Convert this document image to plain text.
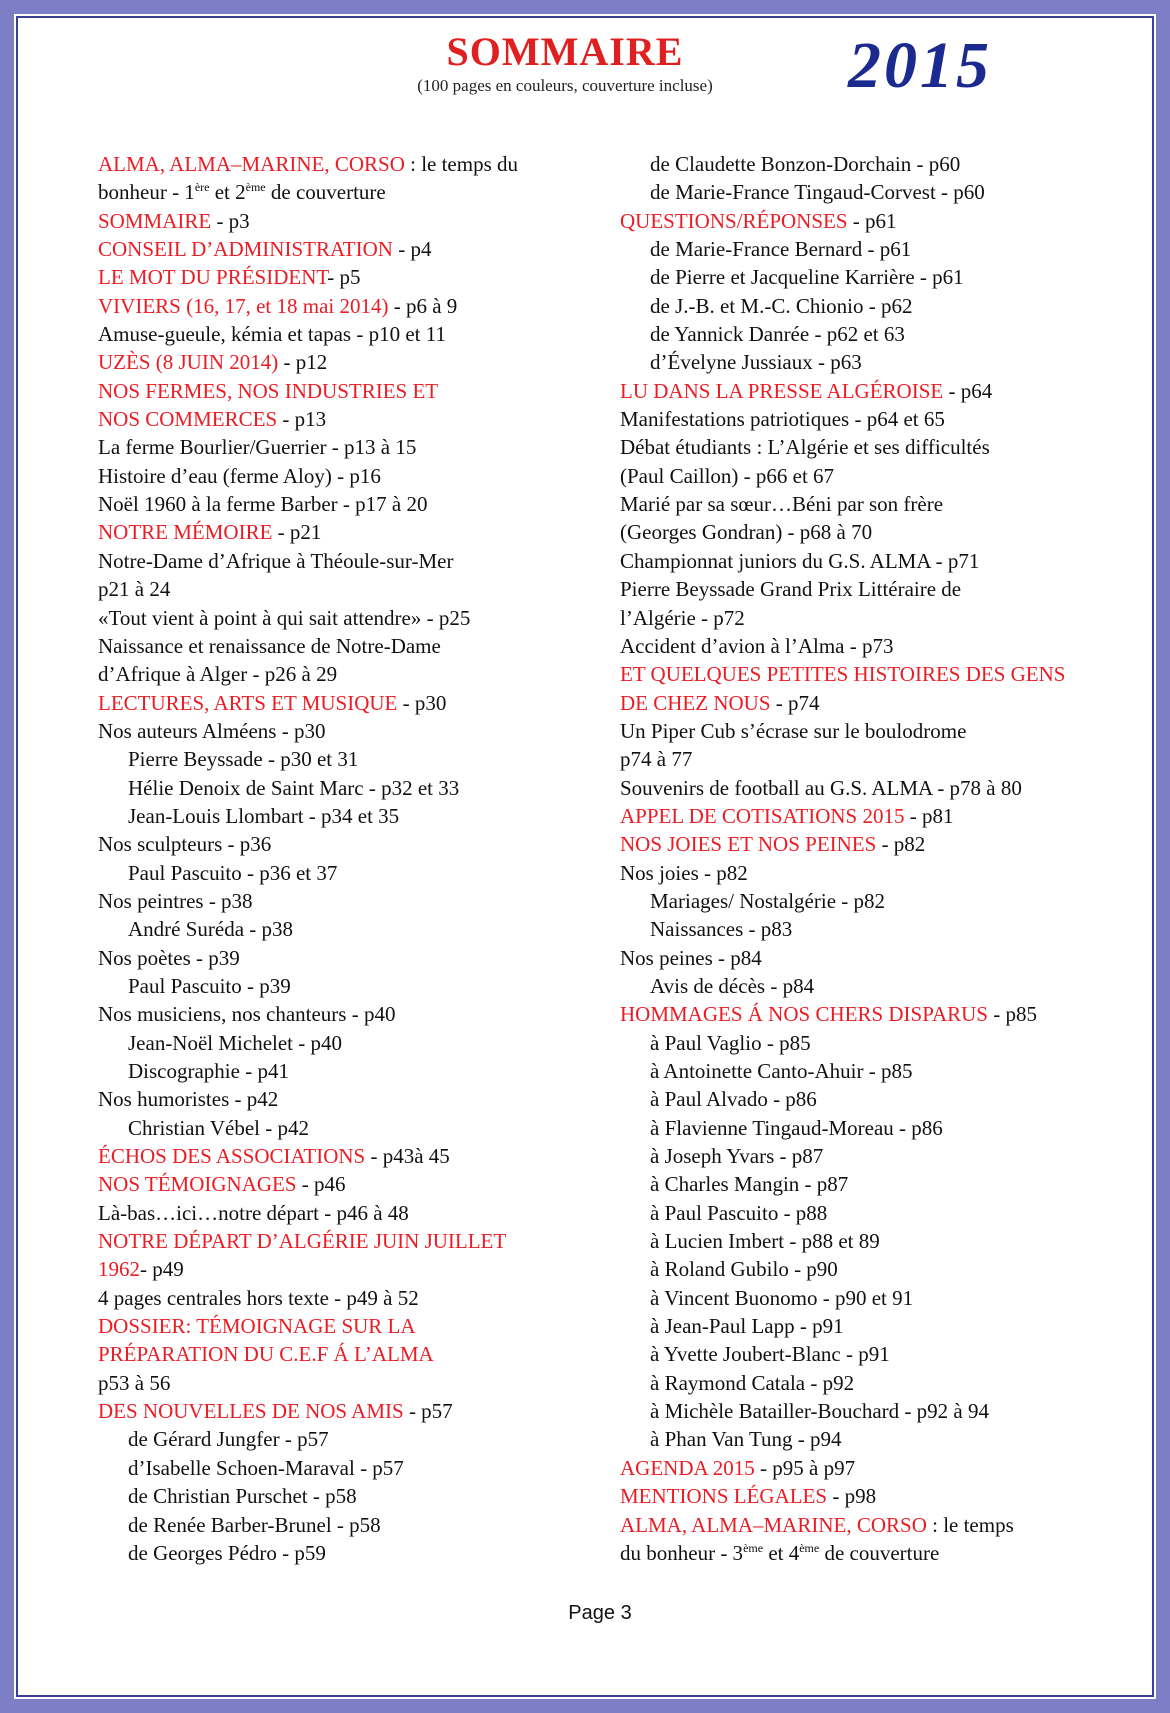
SOMMAIRE
(100 pages en couleurs, couverture incluse)	2015
ALMA, ALMA–MARINE, CORSO : le temps du
bonheur - 1ère et 2ème de couverture
SOMMAIRE - p3
CONSEIL D’ADMINISTRATION - p4
LE MOT DU PRÉSIDENT- p5
VIVIERS (16, 17, et 18 mai 2014) - p6 à 9
Amuse-gueule, kémia et tapas - p10 et 11
UZÈS (8 JUIN 2014) - p12
NOS FERMES, NOS INDUSTRIES ET
NOS COMMERCES - p13
La ferme Bourlier/Guerrier - p13 à 15
Histoire d’eau (ferme Aloy) - p16
Noël 1960 à la ferme Barber - p17 à 20
NOTRE MÉMOIRE - p21
Notre-Dame d’Afrique à Théoule-sur-Mer
p21 à 24
«Tout vient à point à qui sait attendre» - p25
Naissance et renaissance de Notre-Dame
d’Afrique à Alger - p26 à 29
LECTURES, ARTS ET MUSIQUE - p30
Nos auteurs Alméens - p30
Pierre Beyssade - p30 et 31
Hélie Denoix de Saint Marc - p32 et 33
Jean-Louis Llombart - p34 et 35
Nos sculpteurs - p36
Paul Pascuito - p36 et 37
Nos peintres - p38
André Suréda - p38
Nos poètes - p39
Paul Pascuito - p39
Nos musiciens, nos chanteurs - p40
Jean-Noël Michelet - p40
Discographie - p41
Nos humoristes - p42
Christian Vébel - p42
ÉCHOS DES ASSOCIATIONS - p43à 45
NOS TÉMOIGNAGES - p46
Là-bas…ici…notre départ - p46 à 48
NOTRE DÉPART D’ALGÉRIE JUIN JUILLET
1962- p49
4 pages centrales hors texte - p49 à 52
DOSSIER: TÉMOIGNAGE SUR LA
PRÉPARATION DU C.E.F Á L’ALMA
p53 à 56
DES NOUVELLES DE NOS AMIS - p57
de Gérard Jungfer - p57
d’Isabelle Schoen-Maraval - p57
de Christian Purschet - p58
de Renée Barber-Brunel - p58
de Georges Pédro - p59
de Claudette Bonzon-Dorchain - p60
de Marie-France Tingaud-Corvest - p60
QUESTIONS/RÉPONSES - p61
de Marie-France Bernard - p61
de Pierre et Jacqueline Karrière - p61
de J.-B. et M.-C. Chionio - p62
de Yannick Danrée - p62 et 63
d’Évelyne Jussiaux - p63
LU DANS LA PRESSE ALGÉROISE - p64
Manifestations patriotiques - p64 et 65
Débat étudiants : L’Algérie et ses difficultés
(Paul Caillon) - p66 et 67
Marié par sa sœur…Béni par son frère
(Georges Gondran) - p68 à 70
Championnat juniors du G.S. ALMA - p71
Pierre Beyssade Grand Prix Littéraire de
l’Algérie - p72
Accident d’avion à l’Alma - p73
ET QUELQUES PETITES HISTOIRES DES GENS
DE CHEZ NOUS - p74
Un Piper Cub s’écrase sur le boulodrome
p74 à 77
Souvenirs de football au G.S. ALMA - p78 à 80
APPEL DE COTISATIONS 2015 - p81
NOS JOIES ET NOS PEINES - p82
Nos joies - p82
Mariages/ Nostalgérie - p82
Naissances - p83
Nos peines - p84
Avis de décès - p84
HOMMAGES Á NOS CHERS DISPARUS - p85
à Paul Vaglio - p85
à Antoinette Canto-Ahuir - p85
à Paul Alvado - p86
à Flavienne Tingaud-Moreau - p86
à Joseph Yvars - p87
à Charles Mangin - p87
à Paul Pascuito - p88
à Lucien Imbert - p88 et 89
à Roland Gubilo - p90
à Vincent Buonomo - p90 et 91
à Jean-Paul Lapp - p91
à Yvette Joubert-Blanc - p91
à Raymond Catala - p92
à Michèle Batailler-Bouchard - p92 à 94
à Phan Van Tung - p94
AGENDA 2015 - p95 à p97
MENTIONS LÉGALES - p98
ALMA, ALMA–MARINE, CORSO : le temps
du bonheur - 3ème et 4ème de couverture
Page 3
